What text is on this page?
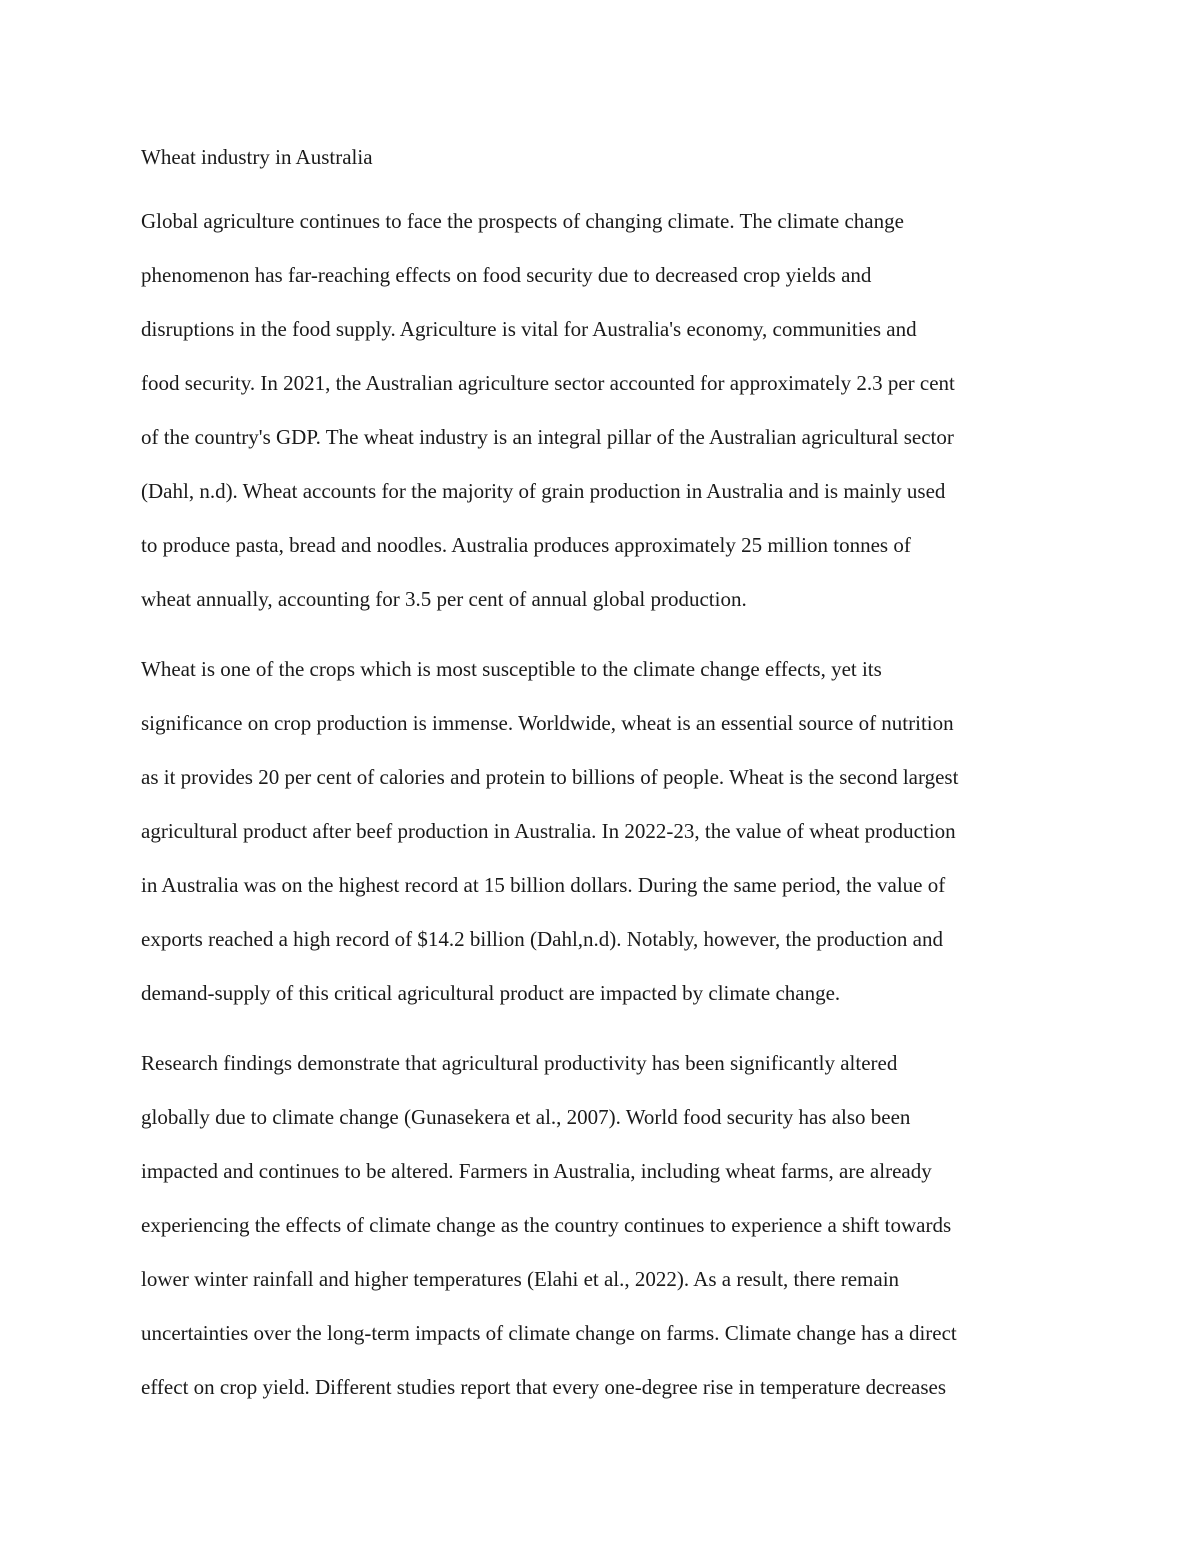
Wheat industry in Australia
Global agriculture continues to face the prospects of changing climate. The climate change
phenomenon has far-reaching effects on food security due to decreased crop yields and
disruptions in the food supply. Agriculture is vital for Australia's economy, communities and
food security. In 2021, the Australian agriculture sector accounted for approximately 2.3 per cent
of the country's GDP. The wheat industry is an integral pillar of the Australian agricultural sector
(Dahl, n.d). Wheat accounts for the majority of grain production in Australia and is mainly used
to produce pasta, bread and noodles. Australia produces approximately 25 million tonnes of
wheat annually, accounting for 3.5 per cent of annual global production.
Wheat is one of the crops which is most susceptible to the climate change effects, yet its
significance on crop production is immense. Worldwide, wheat is an essential source of nutrition
as it provides 20 per cent of calories and protein to billions of people. Wheat is the second largest
agricultural product after beef production in Australia. In 2022-23, the value of wheat production
in Australia was on the highest record at 15 billion dollars. During the same period, the value of
exports reached a high record of $14.2 billion (Dahl,n.d). Notably, however, the production and
demand-supply of this critical agricultural product are impacted by climate change.
Research findings demonstrate that agricultural productivity has been significantly altered
globally due to climate change (Gunasekera et al., 2007). World food security has also been
impacted and continues to be altered. Farmers in Australia, including wheat farms, are already
experiencing the effects of climate change as the country continues to experience a shift towards
lower winter rainfall and higher temperatures (Elahi et al., 2022). As a result, there remain
uncertainties over the long-term impacts of climate change on farms. Climate change has a direct
effect on crop yield. Different studies report that every one-degree rise in temperature decreases
